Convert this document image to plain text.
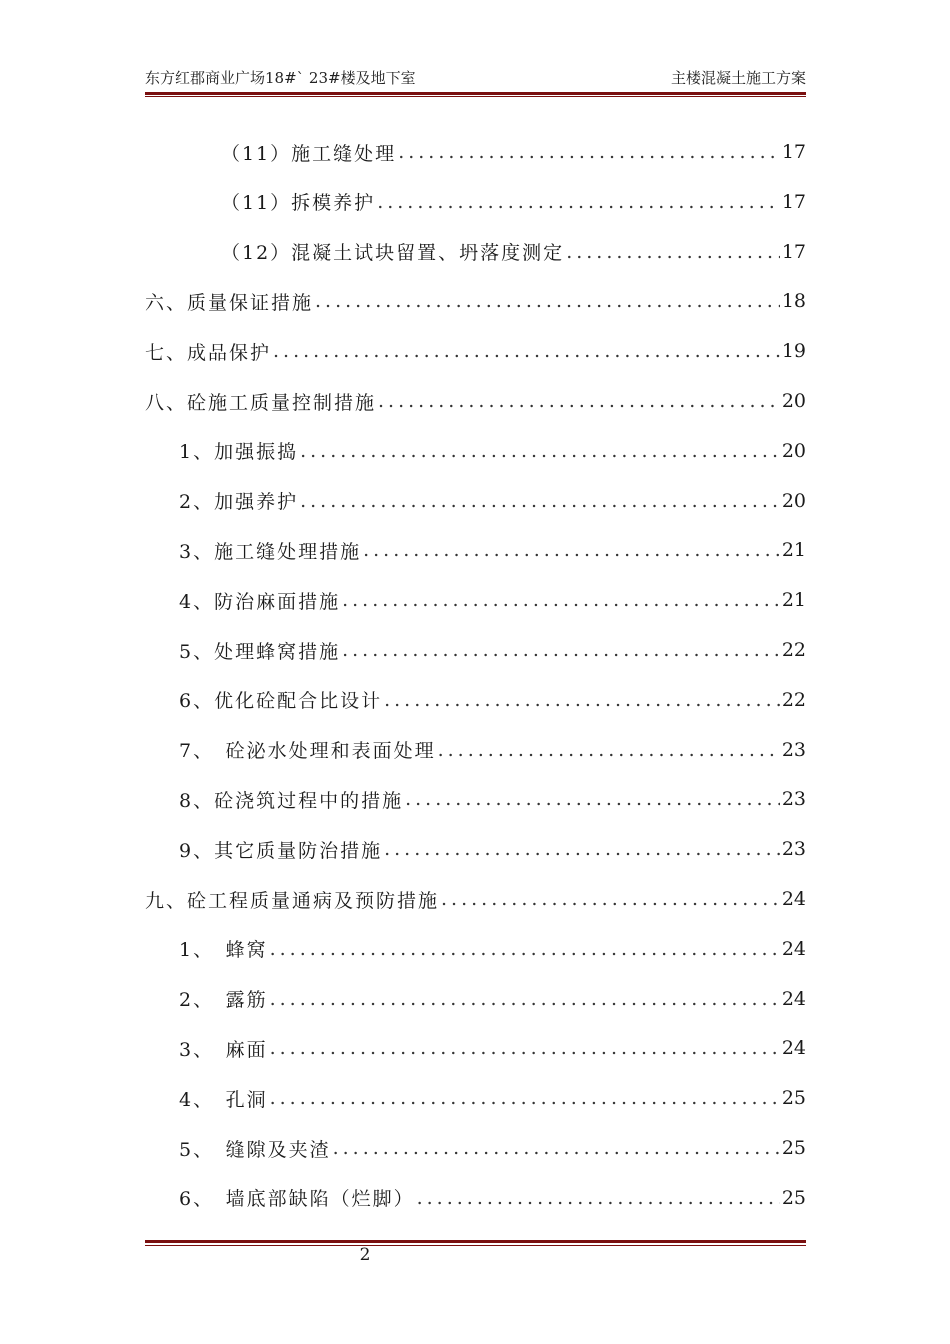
东方红郡商业广场18#` 23#楼及地下室	主楼混凝土施工方案
（11）施工缝处理 .....	17
（11）拆模养护 .....	17
（12）混凝土试块留置、坍落度测定 .....	17
六、质量保证措施 .....	18
七、成品保护 .....	19
八、砼施工质量控制措施 .....	20
1、加强振捣 .....	20
2、加强养护 .....	20
3、施工缝处理措施 .....	21
4、防治麻面措施 .....	21
5、处理蜂窝措施 .....	22
6、优化砼配合比设计 .....	22
7、　砼泌水处理和表面处理 .....	23
8、砼浇筑过程中的措施 .....	23
9、其它质量防治措施 .....	23
九、砼工程质量通病及预防措施 .....	24
1、　蜂窝 .....	24
2、　露筋 .....	24
3、　麻面 .....	24
4、　孔洞 .....	25
5、　缝隙及夹渣 .....	25
6、　墙底部缺陷（烂脚） .....	25
2
